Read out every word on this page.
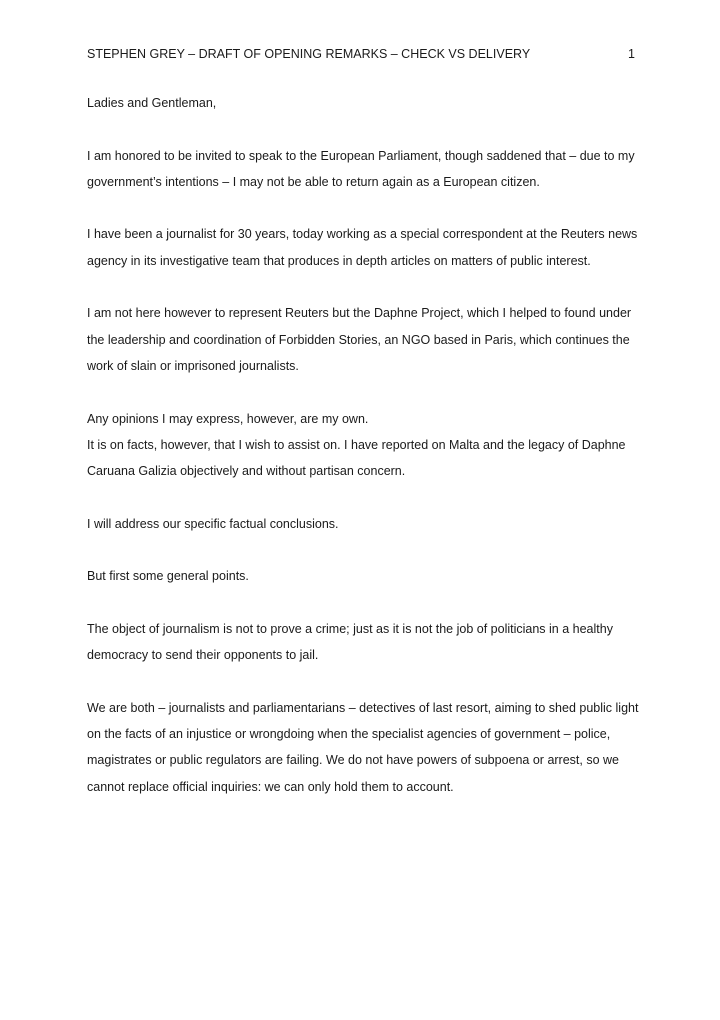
STEPHEN GREY – DRAFT OF OPENING REMARKS – CHECK VS DELIVERY	1

Ladies and Gentleman,

I am honored to be invited to speak to the European Parliament, though saddened that – due to my government’s intentions – I may not be able to return again as a European citizen.

I have been a journalist for 30 years, today working as a special correspondent at the Reuters news agency in its investigative team that produces in depth articles on matters of public interest.

I am not here however to represent Reuters but the Daphne Project, which I helped to found under the leadership and coordination of Forbidden Stories, an NGO based in Paris, which continues the work of slain or imprisoned journalists.

Any opinions I may express, however, are my own.

It is on facts, however, that I wish to assist on. I have reported on Malta and the legacy of Daphne Caruana Galizia objectively and without partisan concern.

I will address our specific factual conclusions.

But first some general points.

The object of journalism is not to prove a crime; just as it is not the job of politicians in a healthy democracy to send their opponents to jail.

We are both – journalists and parliamentarians – detectives of last resort, aiming to shed public light on the facts of an injustice or wrongdoing when the specialist agencies of government – police, magistrates or public regulators are failing. We do not have powers of subpoena or arrest, so we cannot replace official inquiries: we can only hold them to account.
